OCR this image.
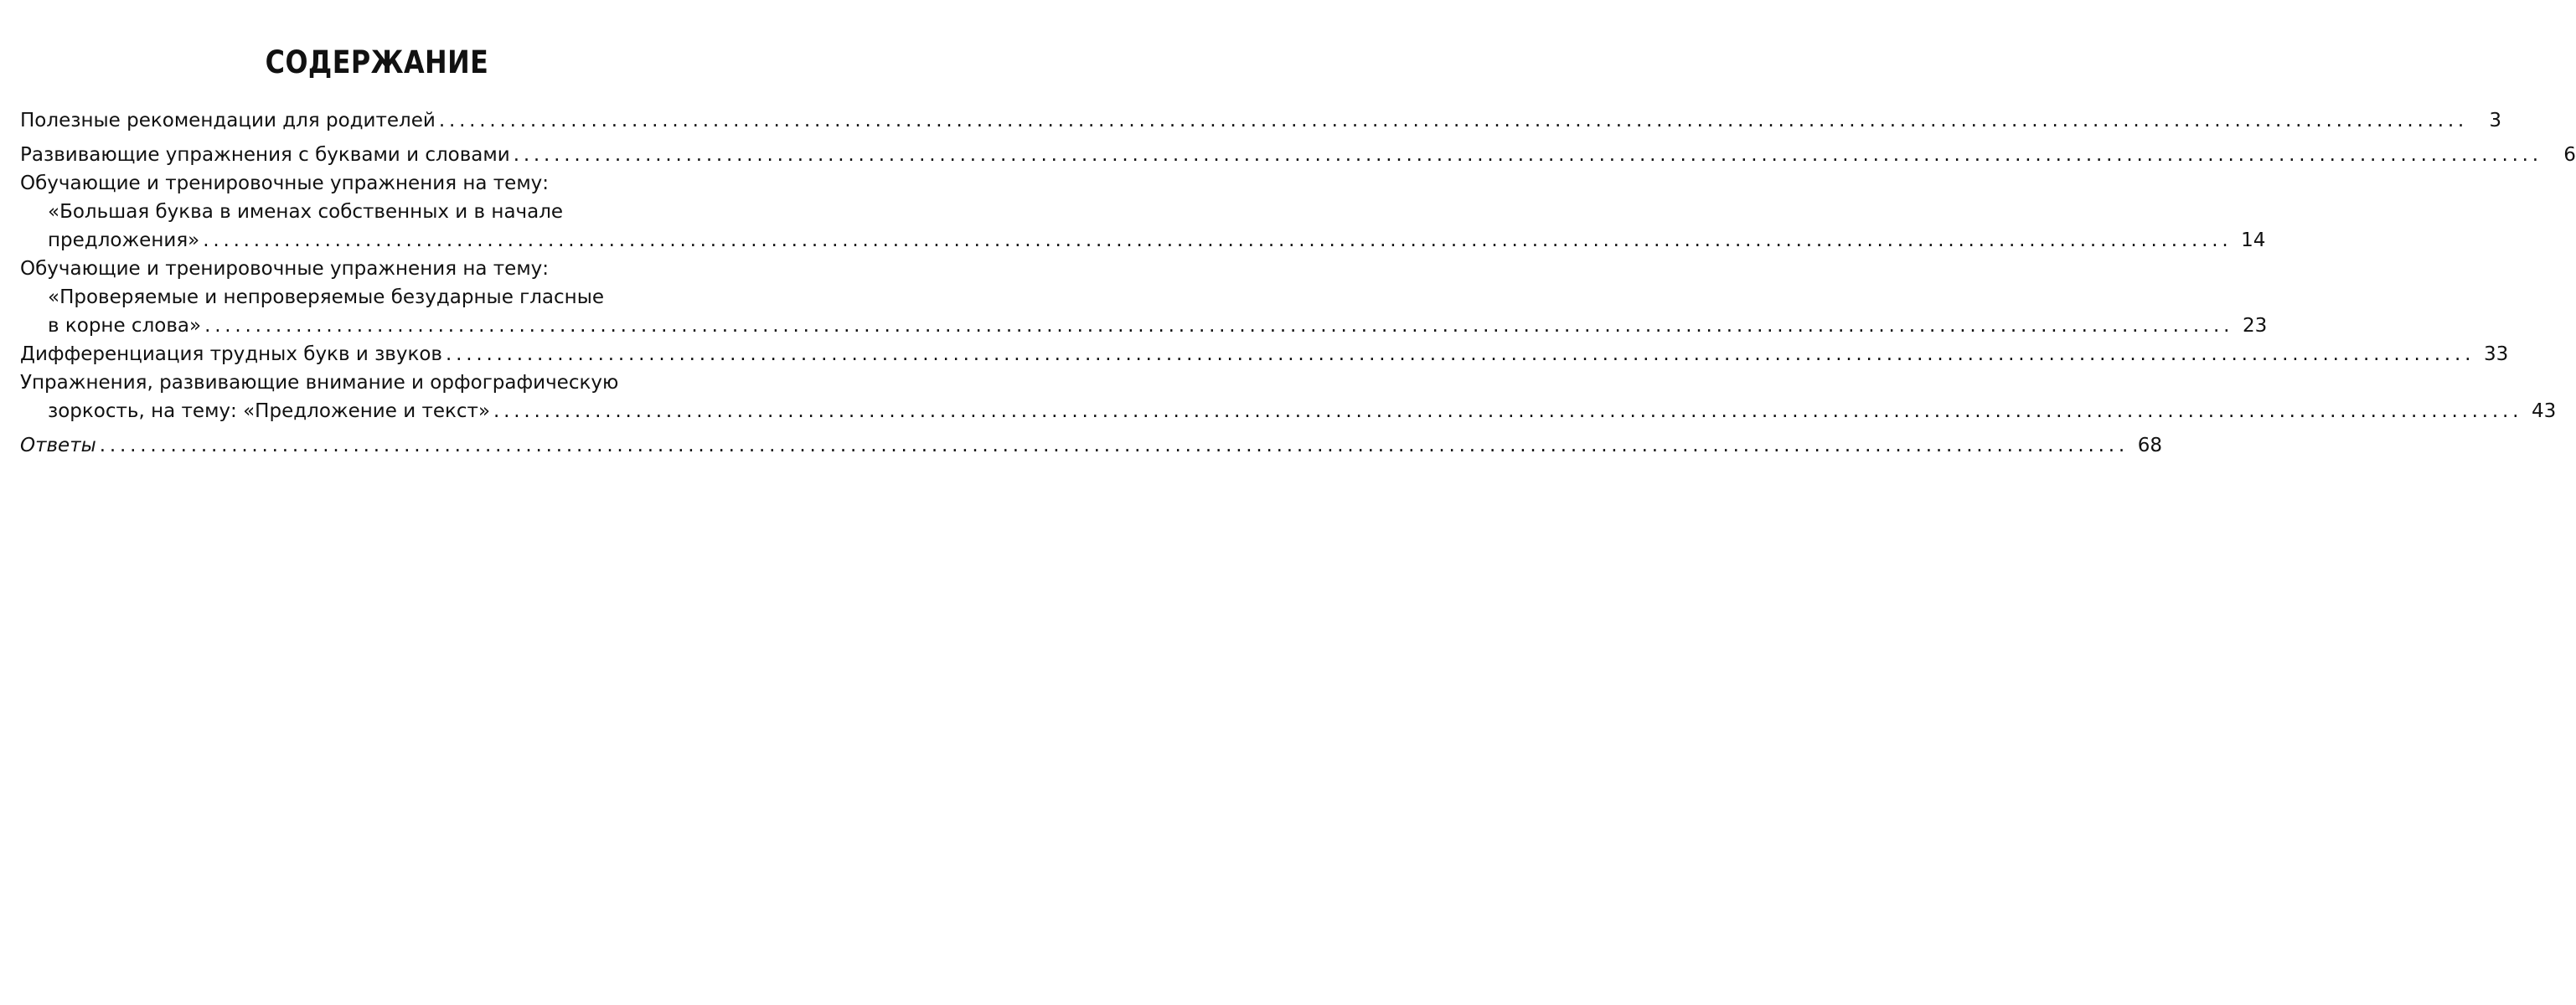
СОДЕРЖАНИЕ
Полезные рекомендации для родителей ........................................................................................................................................................................................................	3
Развивающие упражнения с буквами и словами ........................................................................................................................................................................................................	6
Обучающие и тренировочные упражнения на тему:
«Большая буква в именах собственных и в начале
предложения» ........................................................................................................................................................................................................ 14
Обучающие и тренировочные упражнения на тему:
«Проверяемые и непроверяемые безударные гласные
в корне слова» ........................................................................................................................................................................................................ 23
Дифференциация трудных букв и звуков ........................................................................................................................................................................................................ 33
Упражнения, развивающие внимание и орфографическую
зоркость, на тему: «Предложение и текст» ........................................................................................................................................................................................................ 43
Ответы ........................................................................................................................................................................................................ 68
